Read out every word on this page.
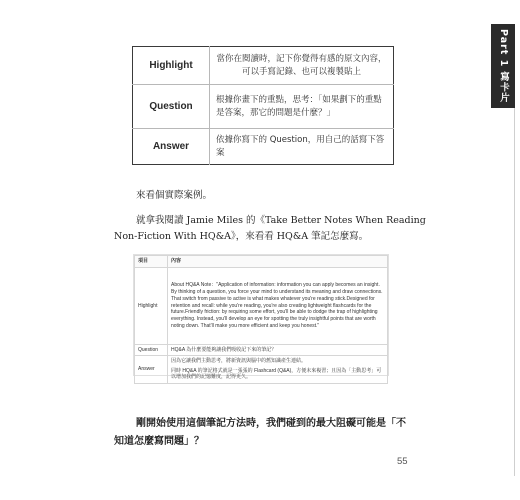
Part 1 寫卡片
Highlight	當你在閱讀時，記下你覺得有感的原文內容，可以手寫記錄、也可以複製貼上
Question	根據你畫下的重點，思考：「如果劃下的重點是答案，那它的問題是什麼？」
Answer	依據你寫下的 Question，用自己的話寫下答案
來看個實際案例。
就拿我閱讀 Jamie Miles 的《Take Better Notes When Reading
Non-Fiction With HQ&A》，來看看 HQ&A 筆記怎麼寫。
項目	內容
Highlight	About HQ&A Note："Application of information: information you can apply becomes an insight. By thinking of a question, you force your mind to understand its meaning and draw connections. That switch from passive to active is what makes whatever you're reading stick.Designed for retention and recall: while you're reading, you're also creating lightweight flashcards for the future.Friendly friction: by requiring some effort, you'll be able to dodge the trap of highlighting everything. Instead, you'll develop an eye for spotting the truly insightful points that are worth noting down. That'll make you more efficient and keep you honest."
Question	HQ&A 為什麼要能夠讓我們吸收記下來的筆記？
Answer	因為它讓我們主動思考，將新資訊與腦中的舊知識產生連結。

同時 HQ&A 的筆記格式就是一張張的 Flashcard (Q&A)，方便未來複習；且因為「主動思考」可以增加我們的記憶難度，記得更久。

剛開始使用這個筆記方法時，我們碰到的最大阻礙可能是「不
知道怎麼寫問題」？
55
